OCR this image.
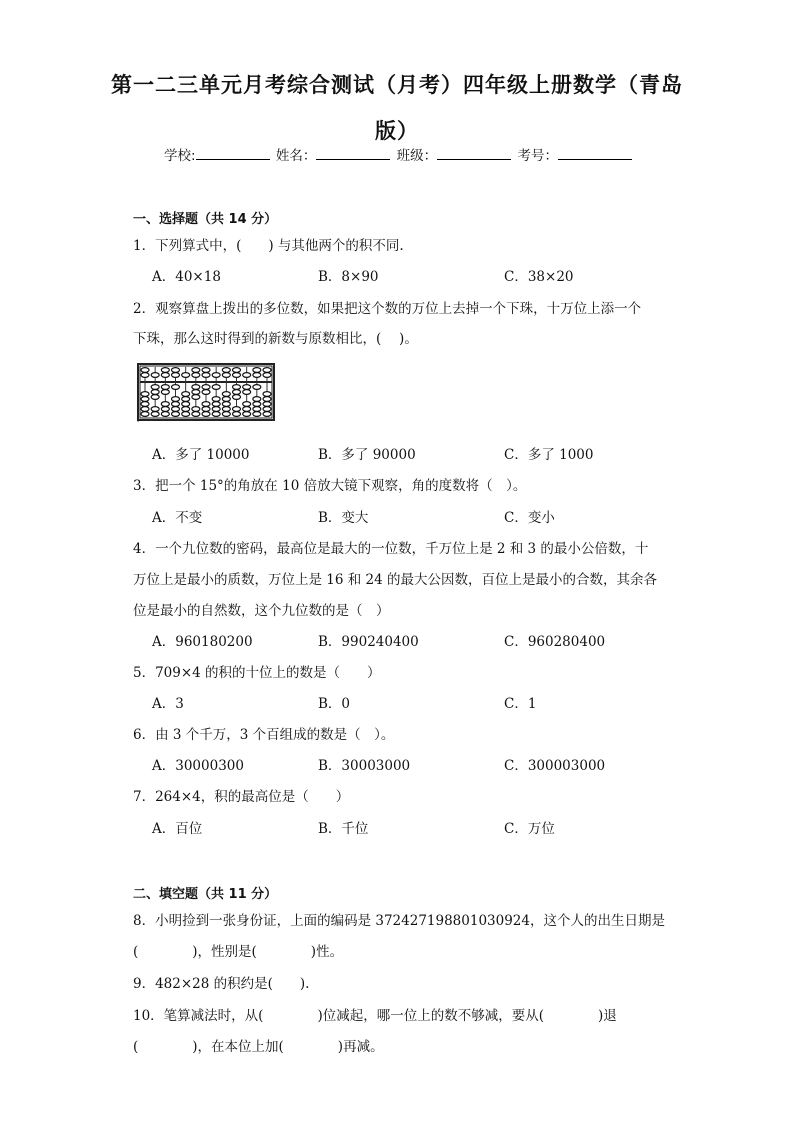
第一二三单元月考综合测试（月考）四年级上册数学（青岛版）
学校:	姓名：	班级：	考号：
一、选择题（共 14 分）
1．下列算式中，(　　) 与其他两个的积不同.
A．40×18	B．8×90	C．38×20
2．观察算盘上拨出的多位数，如果把这个数的万位上去掉一个下珠，十万位上添一个
下珠，那么这时得到的新数与原数相比，(　 )。
-
A．多了 10000	B．多了 90000	C．多了 1000
3．把一个 15°的角放在 10 倍放大镜下观察，角的度数将（　）。
A．不变	B．变大	C．变小
4．一个九位数的密码，最高位是最大的一位数，千万位上是 2 和 3 的最小公倍数，十
万位上是最小的质数，万位上是 16 和 24 的最大公因数，百位上是最小的合数，其余各
位是最小的自然数，这个九位数的是（　）
A．960180200	B．990240400	C．960280400
5．709×4 的积的十位上的数是（　　）
A．3	B．0	C．1
6．由 3 个千万，3 个百组成的数是（　）。
A．30000300	B．30003000	C．300003000
7．264×4，积的最高位是（　　）
A．百位	B．千位	C．万位
二、填空题（共 11 分）
8．小明捡到一张身份证，上面的编码是 372427198801030924，这个人的出生日期是
(　　　　)，性别是(　　　　)性。
9．482×28 的积约是(　　).
10．笔算减法时，从(　　　　)位减起，哪一位上的数不够减，要从(　　　　)退
(　　　　)，在本位上加(　　　　)再减。
